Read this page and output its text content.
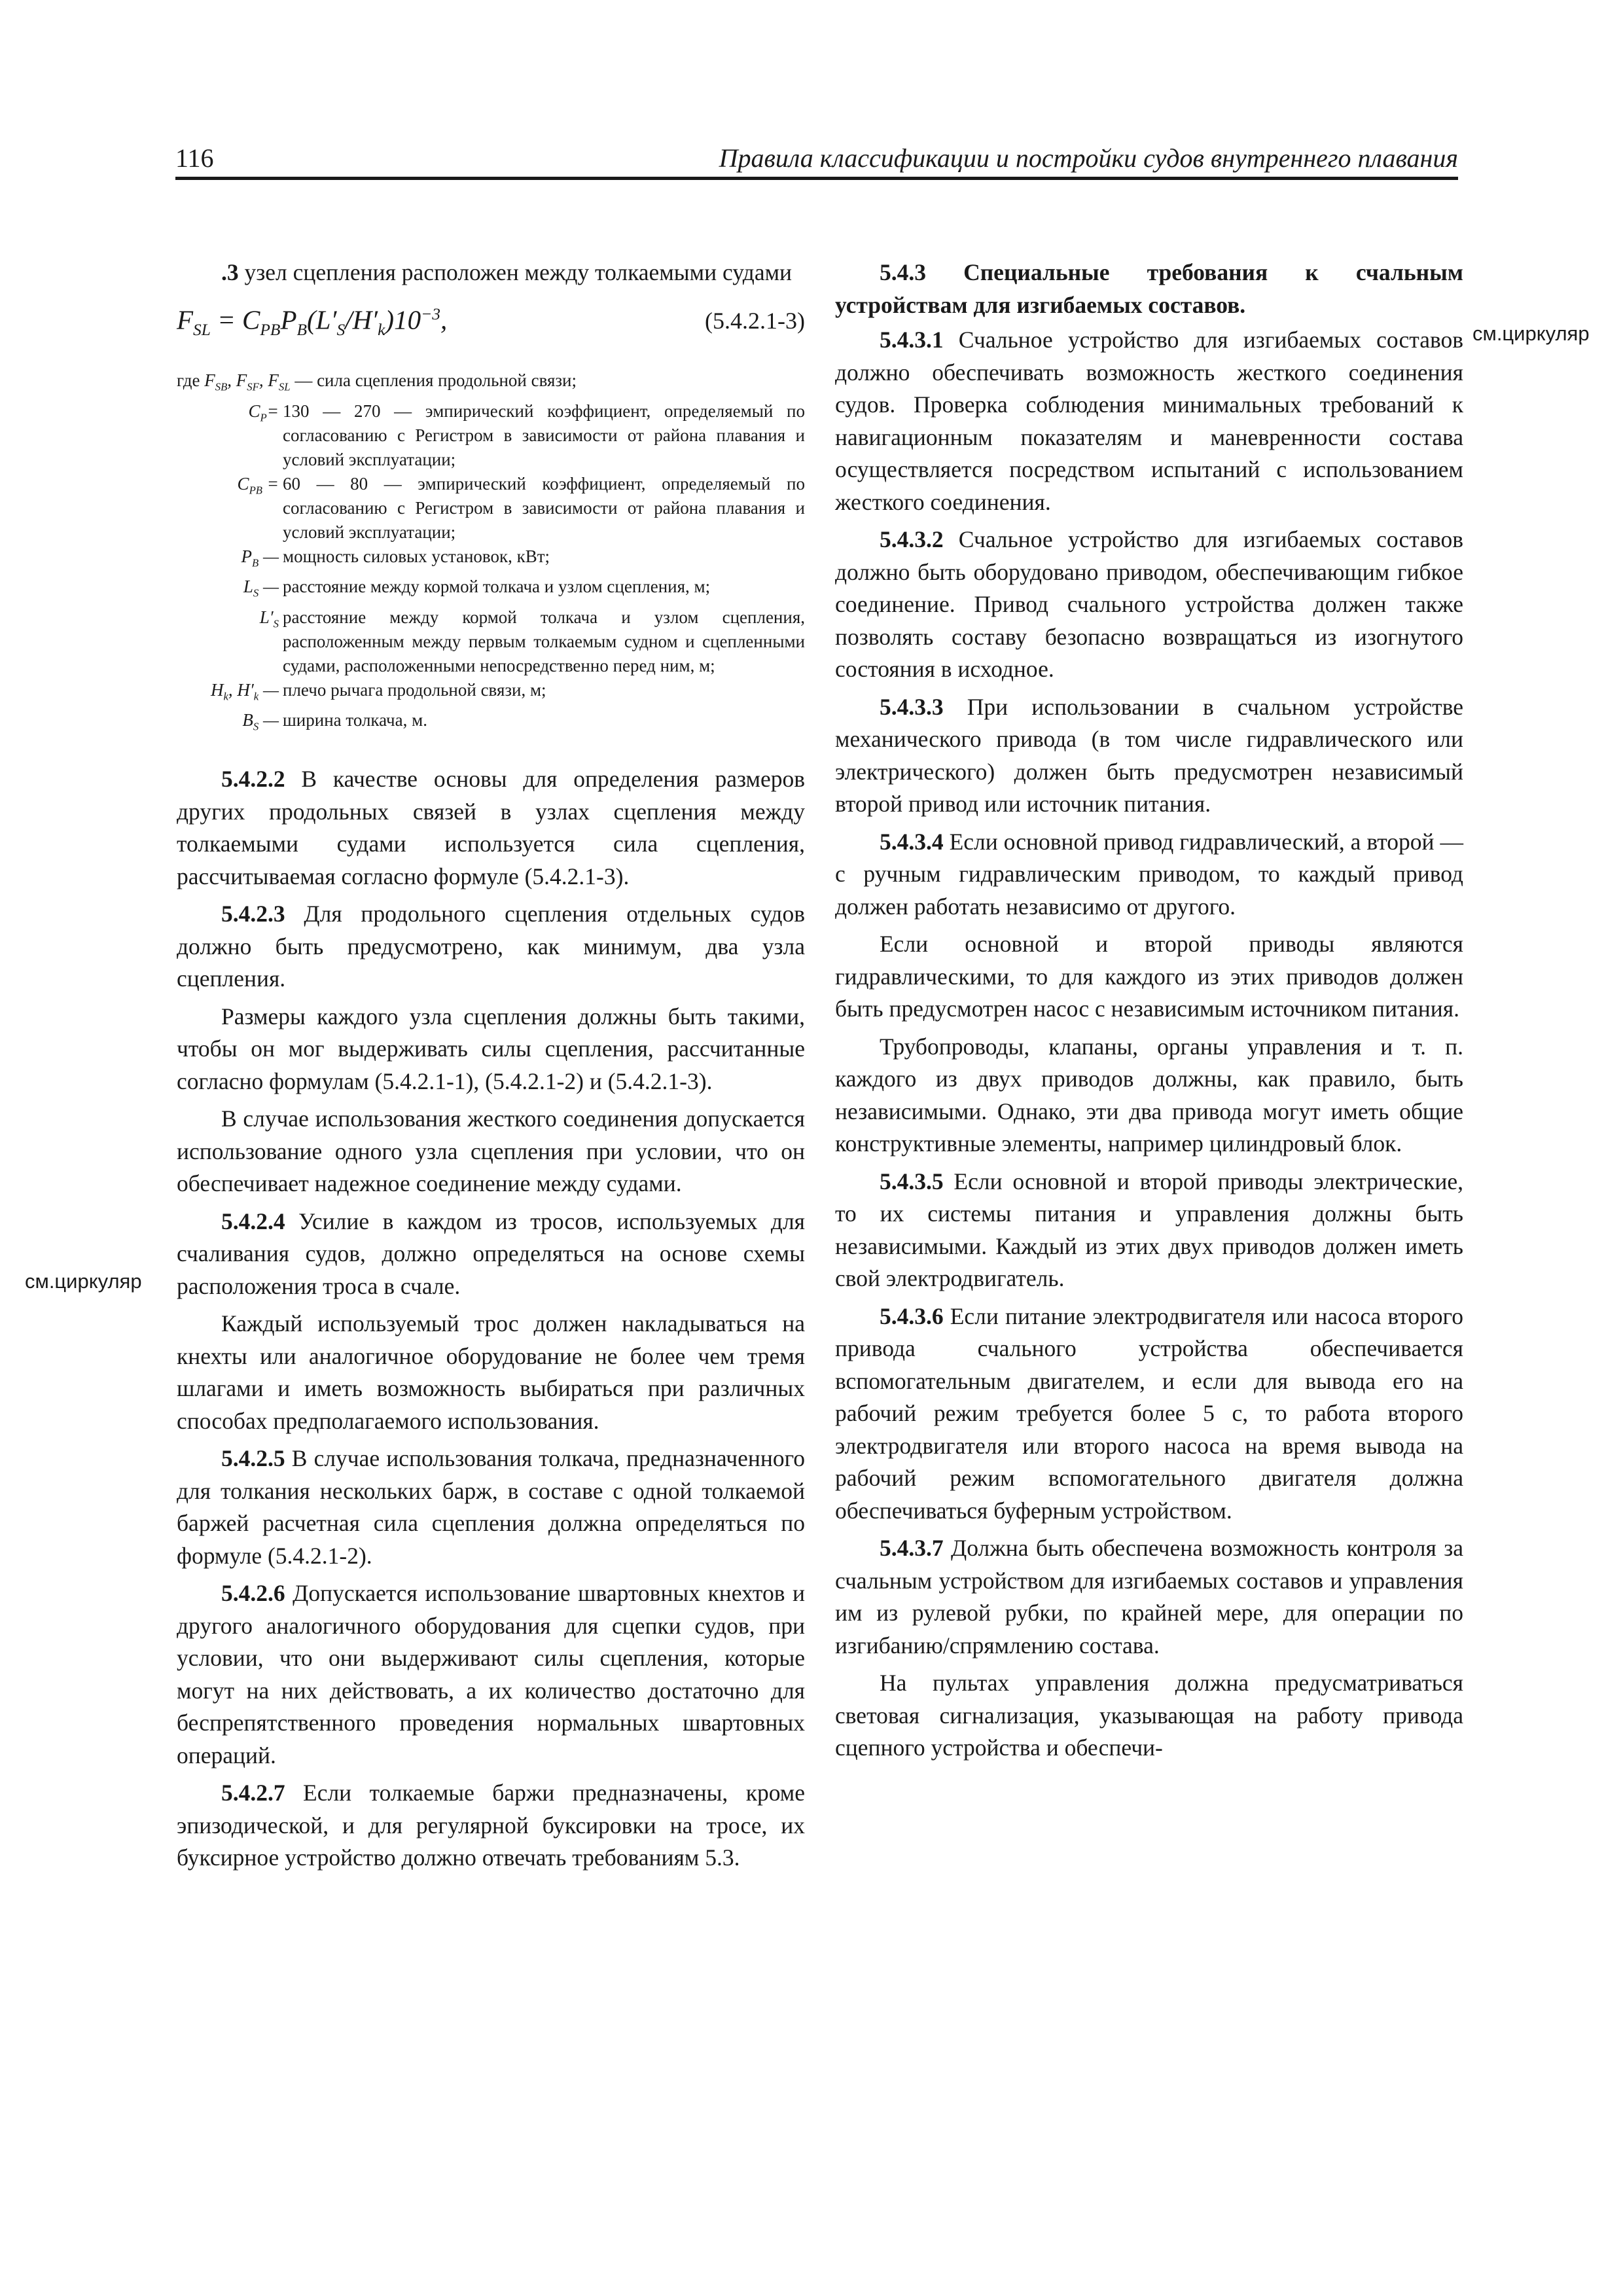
116	Правила классификации и постройки судов внутреннего плавания
см.циркуляр
см.циркуляр

.3 узел сцепления расположен между толкаемыми судами

$F_{SL} = C_{PB}P_B(L'_S/H'_k)10^{-3}$,	(5.4.2.1-3)
где $F_{SB}$, $F_{SF}$, $F_{SL}$ — сила сцепления продольной связи;
$C_P= 130$ — 270 — эмпирический коэффициент, определяемый по согласованию с Регистром в зависимости от района плавания и условий эксплуатации;
$C_{PB} = 60$ — 80 — эмпирический коэффициент, определяемый по согласованию с Регистром в зависимости от района плавания и условий эксплуатации;
$P_B$ — мощность силовых установок, кВт;
$L_S$ — расстояние между кормой толкача и узлом сцепления, м;
$L'_S$ расстояние между кормой толкача и узлом сцепления, расположенным между первым толкаемым судном и сцепленными судами, расположенными непосредственно перед ним, м;
$H_k$, $H'_k$ — плечо рычага продольной связи, м;
$B_S$ — ширина толкача, м.

5.4.2.2 В качестве основы для определения размеров других продольных связей в узлах сцепления между толкаемыми судами используется сила сцепления, рассчитываемая согласно формуле (5.4.2.1-3).

5.4.2.3 Для продольного сцепления отдельных судов должно быть предусмотрено, как минимум, два узла сцепления.

Размеры каждого узла сцепления должны быть такими, чтобы он мог выдерживать силы сцепления, рассчитанные согласно формулам (5.4.2.1-1), (5.4.2.1-2) и (5.4.2.1-3).

В случае использования жесткого соединения допускается использование одного узла сцепления при условии, что он обеспечивает надежное соединение между судами.

5.4.2.4 Усилие в каждом из тросов, используемых для счаливания судов, должно определяться на основе схемы расположения троса в счале.

Каждый используемый трос должен накладываться на кнехты или аналогичное оборудование не более чем тремя шлагами и иметь возможность выбираться при различных способах предполагаемого использования.

5.4.2.5 В случае использования толкача, предназначенного для толкания нескольких барж, в составе с одной толкаемой баржей расчетная сила сцепления должна определяться по формуле (5.4.2.1-2).

5.4.2.6 Допускается использование швартовных кнехтов и другого аналогичного оборудования для сцепки судов, при условии, что они выдерживают силы сцепления, которые могут на них действовать, а их количество достаточно для беспрепятственного проведения нормальных швартовных операций.

5.4.2.7 Если толкаемые баржи предназначены, кроме эпизодической, и для регулярной буксировки на тросе, их буксирное устройство должно отвечать требованиям 5.3.

5.4.3 Специальные требования к счальным устройствам для изгибаемых составов.

5.4.3.1 Счальное устройство для изгибаемых составов должно обеспечивать возможность жесткого соединения судов. Проверка соблюдения минимальных требований к навигационным показателям и маневренности состава осуществляется посредством испытаний с использованием жесткого соединения.

5.4.3.2 Счальное устройство для изгибаемых составов должно быть оборудовано приводом, обеспечивающим гибкое соединение. Привод счального устройства должен также позволять составу безопасно возвращаться из изогнутого состояния в исходное.

5.4.3.3 При использовании в счальном устройстве механического привода (в том числе гидравлического или электрического) должен быть предусмотрен независимый второй привод или источник питания.

5.4.3.4 Если основной привод гидравлический, а второй — с ручным гидравлическим приводом, то каждый привод должен работать независимо от другого.

Если основной и второй приводы являются гидравлическими, то для каждого из этих приводов должен быть предусмотрен насос с независимым источником питания.

Трубопроводы, клапаны, органы управления и т. п. каждого из двух приводов должны, как правило, быть независимыми. Однако, эти два привода могут иметь общие конструктивные элементы, например цилиндровый блок.

5.4.3.5 Если основной и второй приводы электрические, то их системы питания и управления должны быть независимыми. Каждый из этих двух приводов должен иметь свой электродвигатель.

5.4.3.6 Если питание электродвигателя или насоса второго привода счального устройства обеспечивается вспомогательным двигателем, и если для вывода его на рабочий режим требуется более 5 с, то работа второго электродвигателя или второго насоса на время вывода на рабочий режим вспомогательного двигателя должна обеспечиваться буферным устройством.

5.4.3.7 Должна быть обеспечена возможность контроля за счальным устройством для изгибаемых составов и управления им из рулевой рубки, по крайней мере, для операции по изгибанию/спрямлению состава.

На пультах управления должна предусматриваться световая сигнализация, указывающая на работу привода сцепного устройства и обеспечи-
